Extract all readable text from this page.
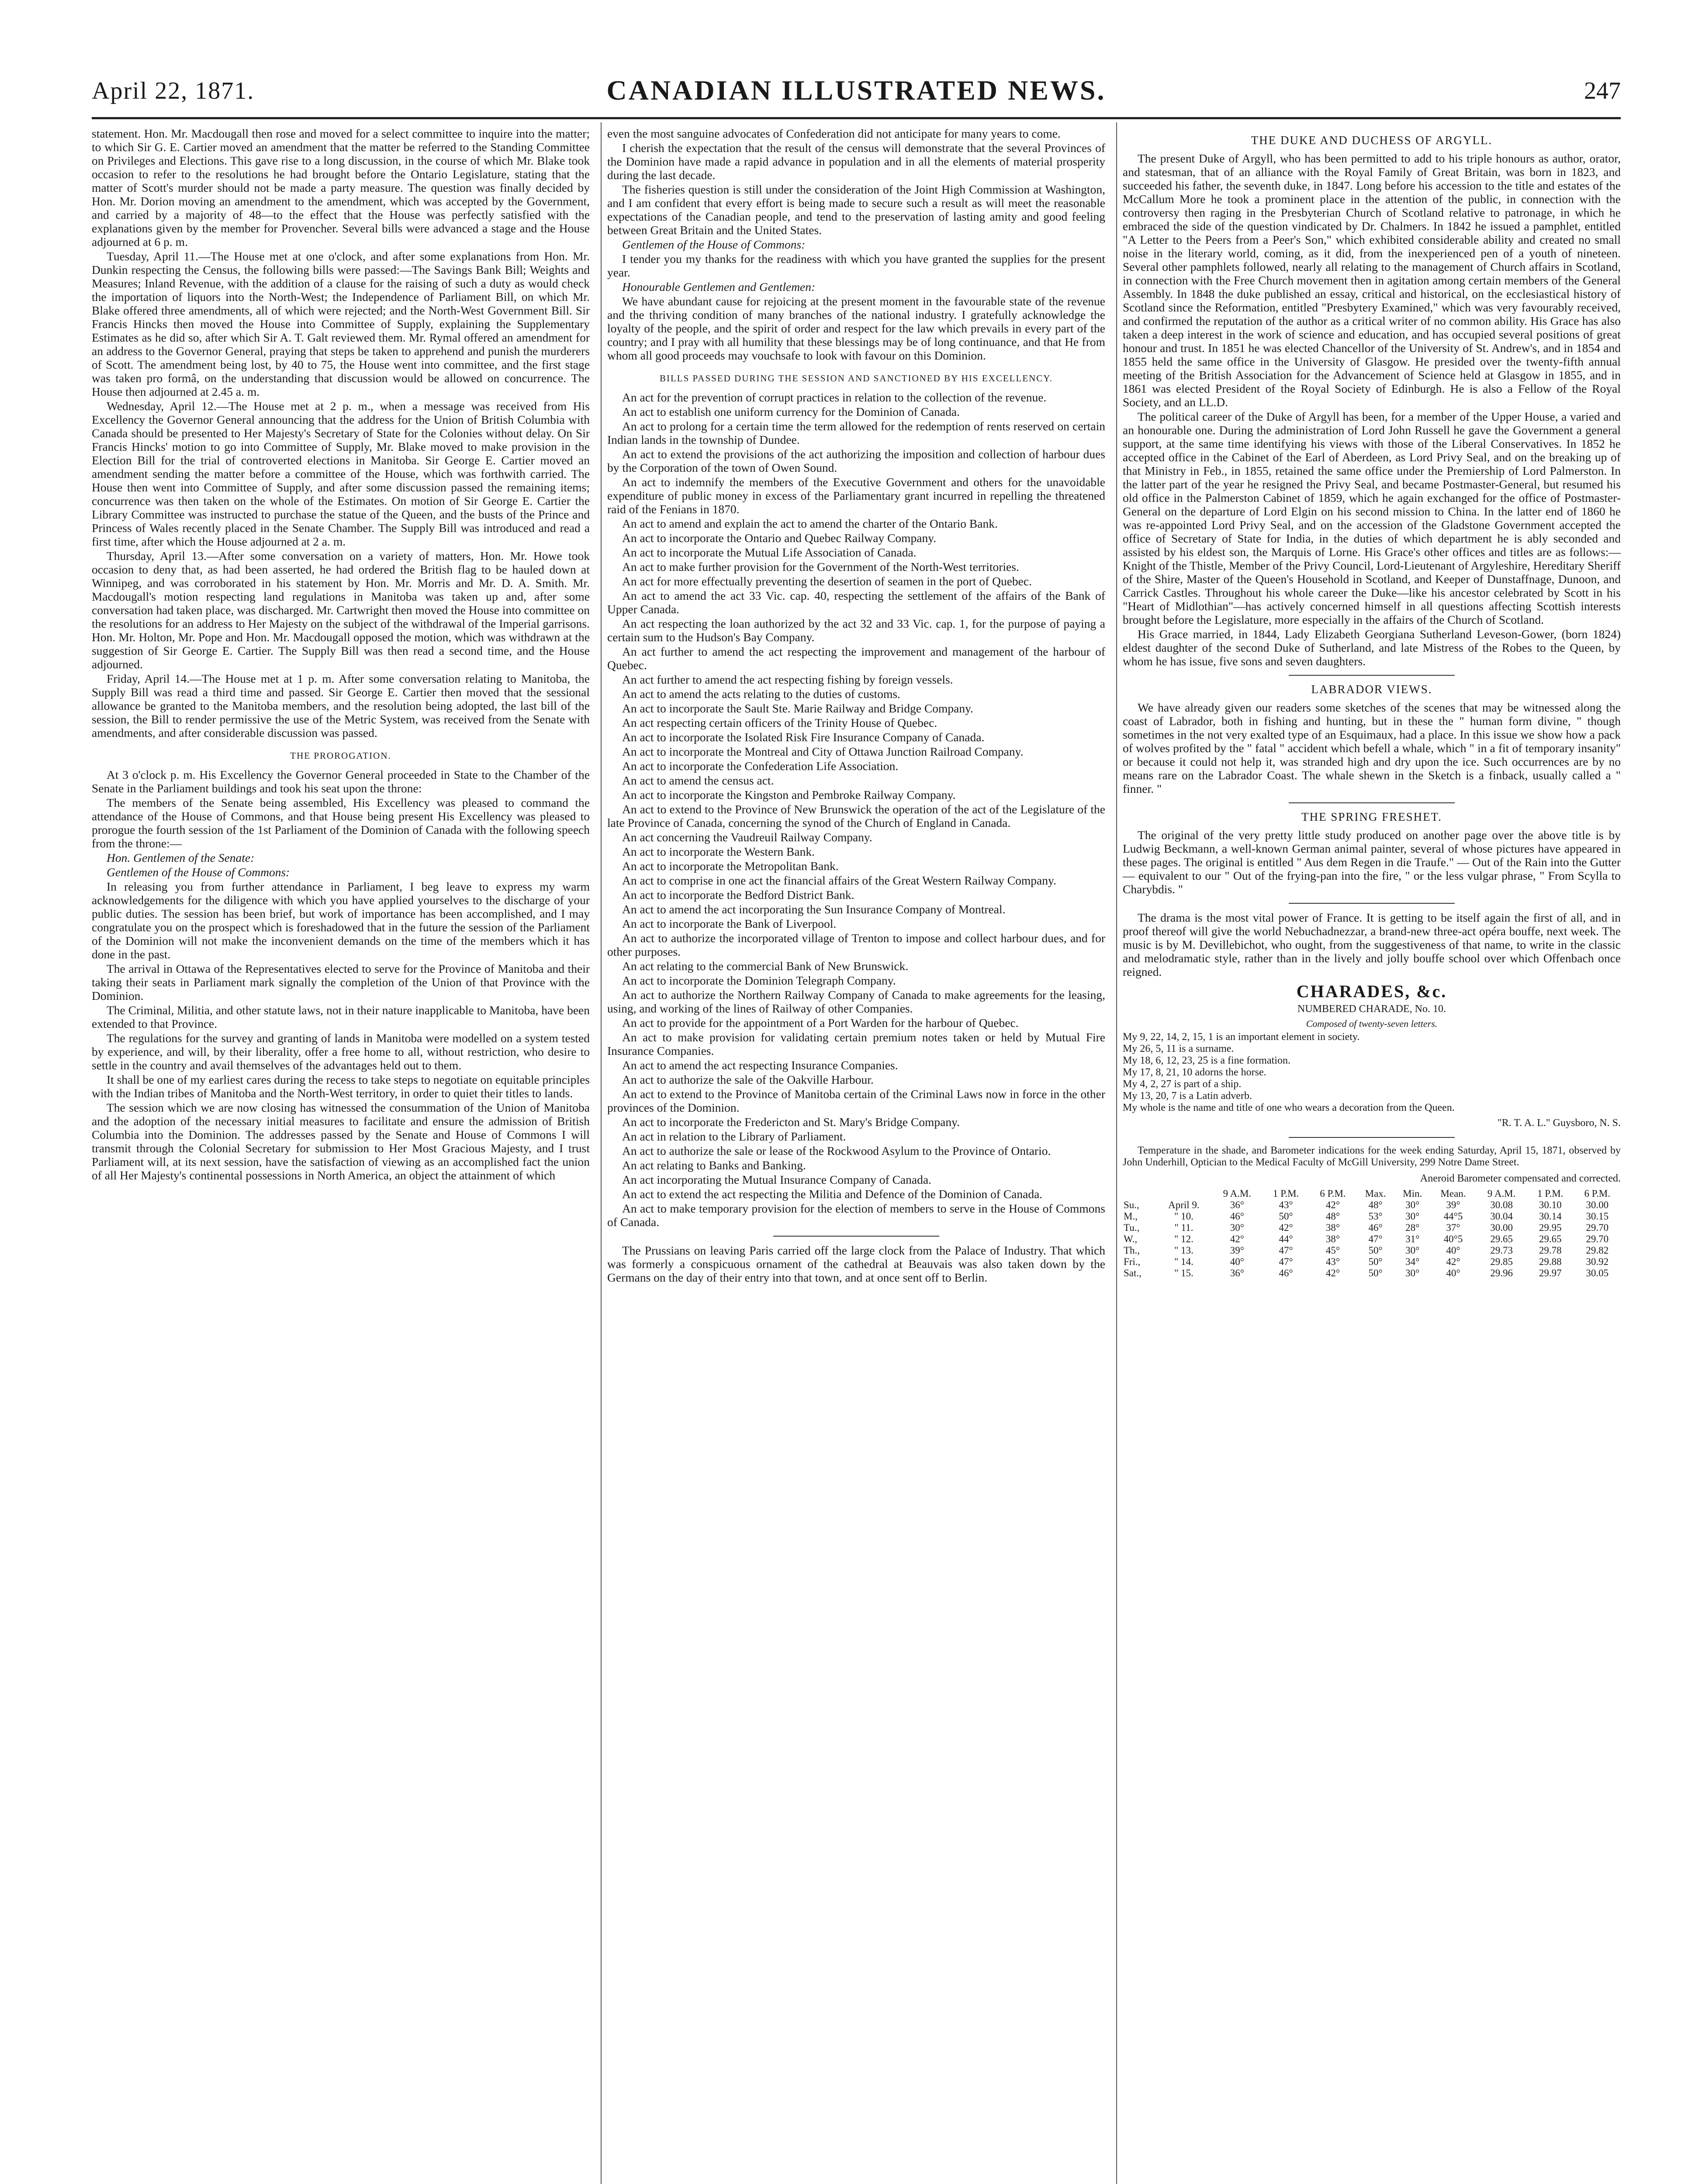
April 22, 1871.	CANADIAN ILLUSTRATED NEWS.	247

statement. Hon. Mr. Macdougall then rose and moved for a select committee to inquire into the matter; to which Sir G. E. Cartier moved an amendment that the matter be referred to the Standing Committee on Privileges and Elections. This gave rise to a long discussion, in the course of which Mr. Blake took occasion to refer to the resolutions he had brought before the Ontario Legislature, stating that the matter of Scott's murder should not be made a party measure. The question was finally decided by Hon. Mr. Dorion moving an amendment to the amendment, which was accepted by the Government, and carried by a majority of 48—to the effect that the House was perfectly satisfied with the explanations given by the member for Provencher. Several bills were advanced a stage and the House adjourned at 6 p. m.

Tuesday, April 11.—The House met at one o'clock, and after some explanations from Hon. Mr. Dunkin respecting the Census, the following bills were passed:—The Savings Bank Bill; Weights and Measures; Inland Revenue, with the addition of a clause for the raising of such a duty as would check the importation of liquors into the North-West; the Independence of Parliament Bill, on which Mr. Blake offered three amendments, all of which were rejected; and the North-West Government Bill. Sir Francis Hincks then moved the House into Committee of Supply, explaining the Supplementary Estimates as he did so, after which Sir A. T. Galt reviewed them. Mr. Rymal offered an amendment for an address to the Governor General, praying that steps be taken to apprehend and punish the murderers of Scott. The amendment being lost, by 40 to 75, the House went into committee, and the first stage was taken pro formâ, on the understanding that discussion would be allowed on concurrence. The House then adjourned at 2.45 a. m.

Wednesday, April 12.—The House met at 2 p. m., when a message was received from His Excellency the Governor General announcing that the address for the Union of British Columbia with Canada should be presented to Her Majesty's Secretary of State for the Colonies without delay. On Sir Francis Hincks' motion to go into Committee of Supply, Mr. Blake moved to make provision in the Election Bill for the trial of controverted elections in Manitoba. Sir George E. Cartier moved an amendment sending the matter before a committee of the House, which was forthwith carried. The House then went into Committee of Supply, and after some discussion passed the remaining items; concurrence was then taken on the whole of the Estimates. On motion of Sir George E. Cartier the Library Committee was instructed to purchase the statue of the Queen, and the busts of the Prince and Princess of Wales recently placed in the Senate Chamber. The Supply Bill was introduced and read a first time, after which the House adjourned at 2 a. m.

Thursday, April 13.—After some conversation on a variety of matters, Hon. Mr. Howe took occasion to deny that, as had been asserted, he had ordered the British flag to be hauled down at Winnipeg, and was corroborated in his statement by Hon. Mr. Morris and Mr. D. A. Smith. Mr. Macdougall's motion respecting land regulations in Manitoba was taken up and, after some conversation had taken place, was discharged. Mr. Cartwright then moved the House into committee on the resolutions for an address to Her Majesty on the subject of the withdrawal of the Imperial garrisons. Hon. Mr. Holton, Mr. Pope and Hon. Mr. Macdougall opposed the motion, which was withdrawn at the suggestion of Sir George E. Cartier. The Supply Bill was then read a second time, and the House adjourned.

Friday, April 14.—The House met at 1 p. m. After some conversation relating to Manitoba, the Supply Bill was read a third time and passed. Sir George E. Cartier then moved that the sessional allowance be granted to the Manitoba members, and the resolution being adopted, the last bill of the session, the Bill to render permissive the use of the Metric System, was received from the Senate with amendments, and after considerable discussion was passed.

THE PROROGATION.

At 3 o'clock p. m. His Excellency the Governor General proceeded in State to the Chamber of the Senate in the Parliament buildings and took his seat upon the throne:

The members of the Senate being assembled, His Excellency was pleased to command the attendance of the House of Commons, and that House being present His Excellency was pleased to prorogue the fourth session of the 1st Parliament of the Dominion of Canada with the following speech from the throne:—

Hon. Gentlemen of the Senate:

Gentlemen of the House of Commons:

In releasing you from further attendance in Parliament, I beg leave to express my warm acknowledgements for the diligence with which you have applied yourselves to the discharge of your public duties. The session has been brief, but work of importance has been accomplished, and I may congratulate you on the prospect which is foreshadowed that in the future the session of the Parliament of the Dominion will not make the inconvenient demands on the time of the members which it has done in the past.

The arrival in Ottawa of the Representatives elected to serve for the Province of Manitoba and their taking their seats in Parliament mark signally the completion of the Union of that Province with the Dominion.

The Criminal, Militia, and other statute laws, not in their nature inapplicable to Manitoba, have been extended to that Province.

The regulations for the survey and granting of lands in Manitoba were modelled on a system tested by experience, and will, by their liberality, offer a free home to all, without restriction, who desire to settle in the country and avail themselves of the advantages held out to them.

It shall be one of my earliest cares during the recess to take steps to negotiate on equitable principles with the Indian tribes of Manitoba and the North-West territory, in order to quiet their titles to lands.

The session which we are now closing has witnessed the consummation of the Union of Manitoba and the adoption of the necessary initial measures to facilitate and ensure the admission of British Columbia into the Dominion. The addresses passed by the Senate and House of Commons I will transmit through the Colonial Secretary for submission to Her Most Gracious Majesty, and I trust Parliament will, at its next session, have the satisfaction of viewing as an accomplished fact the union of all Her Majesty's continental possessions in North America, an object the attainment of which

even the most sanguine advocates of Confederation did not anticipate for many years to come.

I cherish the expectation that the result of the census will demonstrate that the several Provinces of the Dominion have made a rapid advance in population and in all the elements of material prosperity during the last decade.

The fisheries question is still under the consideration of the Joint High Commission at Washington, and I am confident that every effort is being made to secure such a result as will meet the reasonable expectations of the Canadian people, and tend to the preservation of lasting amity and good feeling between Great Britain and the United States.

Gentlemen of the House of Commons:

I tender you my thanks for the readiness with which you have granted the supplies for the present year.

Honourable Gentlemen and Gentlemen:

We have abundant cause for rejoicing at the present moment in the favourable state of the revenue and the thriving condition of many branches of the national industry. I gratefully acknowledge the loyalty of the people, and the spirit of order and respect for the law which prevails in every part of the country; and I pray with all humility that these blessings may be of long continuance, and that He from whom all good proceeds may vouchsafe to look with favour on this Dominion.

BILLS PASSED DURING THE SESSION AND SANCTIONED BY HIS EXCELLENCY.

An act for the prevention of corrupt practices in relation to the collection of the revenue.

An act to establish one uniform currency for the Dominion of Canada.

An act to prolong for a certain time the term allowed for the redemption of rents reserved on certain Indian lands in the township of Dundee.

An act to extend the provisions of the act authorizing the imposition and collection of harbour dues by the Corporation of the town of Owen Sound.

An act to indemnify the members of the Executive Government and others for the unavoidable expenditure of public money in excess of the Parliamentary grant incurred in repelling the threatened raid of the Fenians in 1870.

An act to amend and explain the act to amend the charter of the Ontario Bank.

An act to incorporate the Ontario and Quebec Railway Company.

An act to incorporate the Mutual Life Association of Canada.

An act to make further provision for the Government of the North-West territories.

An act for more effectually preventing the desertion of seamen in the port of Quebec.

An act to amend the act 33 Vic. cap. 40, respecting the settlement of the affairs of the Bank of Upper Canada.

An act respecting the loan authorized by the act 32 and 33 Vic. cap. 1, for the purpose of paying a certain sum to the Hudson's Bay Company.

An act further to amend the act respecting the improvement and management of the harbour of Quebec.

An act further to amend the act respecting fishing by foreign vessels.

An act to amend the acts relating to the duties of customs.

An act to incorporate the Sault Ste. Marie Railway and Bridge Company.

An act respecting certain officers of the Trinity House of Quebec.

An act to incorporate the Isolated Risk Fire Insurance Company of Canada.

An act to incorporate the Montreal and City of Ottawa Junction Railroad Company.

An act to incorporate the Confederation Life Association.

An act to amend the census act.

An act to incorporate the Kingston and Pembroke Railway Company.

An act to extend to the Province of New Brunswick the operation of the act of the Legislature of the late Province of Canada, concerning the synod of the Church of England in Canada.

An act concerning the Vaudreuil Railway Company.

An act to incorporate the Western Bank.

An act to incorporate the Metropolitan Bank.

An act to comprise in one act the financial affairs of the Great Western Railway Company.

An act to incorporate the Bedford District Bank.

An act to amend the act incorporating the Sun Insurance Company of Montreal.

An act to incorporate the Bank of Liverpool.

An act to authorize the incorporated village of Trenton to impose and collect harbour dues, and for other purposes.

An act relating to the commercial Bank of New Brunswick.

An act to incorporate the Dominion Telegraph Company.

An act to authorize the Northern Railway Company of Canada to make agreements for the leasing, using, and working of the lines of Railway of other Companies.

An act to provide for the appointment of a Port Warden for the harbour of Quebec.

An act to make provision for validating certain premium notes taken or held by Mutual Fire Insurance Companies.

An act to amend the act respecting Insurance Companies.

An act to authorize the sale of the Oakville Harbour.

An act to extend to the Province of Manitoba certain of the Criminal Laws now in force in the other provinces of the Dominion.

An act to incorporate the Fredericton and St. Mary's Bridge Company.

An act in relation to the Library of Parliament.

An act to authorize the sale or lease of the Rockwood Asylum to the Province of Ontario.

An act relating to Banks and Banking.

An act incorporating the Mutual Insurance Company of Canada.

An act to extend the act respecting the Militia and Defence of the Dominion of Canada.

An act to make temporary provision for the election of members to serve in the House of Commons of Canada.

The Prussians on leaving Paris carried off the large clock from the Palace of Industry. That which was formerly a conspicuous ornament of the cathedral at Beauvais was also taken down by the Germans on the day of their entry into that town, and at once sent off to Berlin.

THE DUKE AND DUCHESS OF ARGYLL.

The present Duke of Argyll, who has been permitted to add to his triple honours as author, orator, and statesman, that of an alliance with the Royal Family of Great Britain, was born in 1823, and succeeded his father, the seventh duke, in 1847. Long before his accession to the title and estates of the McCallum More he took a prominent place in the attention of the public, in connection with the controversy then raging in the Presbyterian Church of Scotland relative to patronage, in which he embraced the side of the question vindicated by Dr. Chalmers. In 1842 he issued a pamphlet, entitled "A Letter to the Peers from a Peer's Son," which exhibited considerable ability and created no small noise in the literary world, coming, as it did, from the inexperienced pen of a youth of nineteen. Several other pamphlets followed, nearly all relating to the management of Church affairs in Scotland, in connection with the Free Church movement then in agitation among certain members of the General Assembly. In 1848 the duke published an essay, critical and historical, on the ecclesiastical history of Scotland since the Reformation, entitled "Presbytery Examined," which was very favourably received, and confirmed the reputation of the author as a critical writer of no common ability. His Grace has also taken a deep interest in the work of science and education, and has occupied several positions of great honour and trust. In 1851 he was elected Chancellor of the University of St. Andrew's, and in 1854 and 1855 held the same office in the University of Glasgow. He presided over the twenty-fifth annual meeting of the British Association for the Advancement of Science held at Glasgow in 1855, and in 1861 was elected President of the Royal Society of Edinburgh. He is also a Fellow of the Royal Society, and an LL.D.

The political career of the Duke of Argyll has been, for a member of the Upper House, a varied and an honourable one. During the administration of Lord John Russell he gave the Government a general support, at the same time identifying his views with those of the Liberal Conservatives. In 1852 he accepted office in the Cabinet of the Earl of Aberdeen, as Lord Privy Seal, and on the breaking up of that Ministry in Feb., in 1855, retained the same office under the Premiership of Lord Palmerston. In the latter part of the year he resigned the Privy Seal, and became Postmaster-General, but resumed his old office in the Palmerston Cabinet of 1859, which he again exchanged for the office of Postmaster-General on the departure of Lord Elgin on his second mission to China. In the latter end of 1860 he was re-appointed Lord Privy Seal, and on the accession of the Gladstone Government accepted the office of Secretary of State for India, in the duties of which department he is ably seconded and assisted by his eldest son, the Marquis of Lorne. His Grace's other offices and titles are as follows:—Knight of the Thistle, Member of the Privy Council, Lord-Lieutenant of Argyleshire, Hereditary Sheriff of the Shire, Master of the Queen's Household in Scotland, and Keeper of Dunstaffnage, Dunoon, and Carrick Castles. Throughout his whole career the Duke—like his ancestor celebrated by Scott in his "Heart of Midlothian"—has actively concerned himself in all questions affecting Scottish interests brought before the Legislature, more especially in the affairs of the Church of Scotland.

His Grace married, in 1844, Lady Elizabeth Georgiana Sutherland Leveson-Gower, (born 1824) eldest daughter of the second Duke of Sutherland, and late Mistress of the Robes to the Queen, by whom he has issue, five sons and seven daughters.

LABRADOR VIEWS.

We have already given our readers some sketches of the scenes that may be witnessed along the coast of Labrador, both in fishing and hunting, but in these the " human form divine, " though sometimes in the not very exalted type of an Esquimaux, had a place. In this issue we show how a pack of wolves profited by the " fatal " accident which befell a whale, which " in a fit of temporary insanity" or because it could not help it, was stranded high and dry upon the ice. Such occurrences are by no means rare on the Labrador Coast. The whale shewn in the Sketch is a finback, usually called a " finner. "

THE SPRING FRESHET.

The original of the very pretty little study produced on another page over the above title is by Ludwig Beckmann, a well-known German animal painter, several of whose pictures have appeared in these pages. The original is entitled " Aus dem Regen in die Traufe." — Out of the Rain into the Gutter — equivalent to our " Out of the frying-pan into the fire, " or the less vulgar phrase, " From Scylla to Charybdis. "

The drama is the most vital power of France. It is getting to be itself again the first of all, and in proof thereof will give the world Nebuchadnezzar, a brand-new three-act opéra bouffe, next week. The music is by M. Devillebichot, who ought, from the suggestiveness of that name, to write in the classic and melodramatic style, rather than in the lively and jolly bouffe school over which Offenbach once reigned.

CHARADES, &c.

NUMBERED CHARADE, No. 10.

Composed of twenty-seven letters.

My 9, 22, 14, 2, 15, 1 is an important element in society.

My 26, 5, 11 is a surname.

My 18, 6, 12, 23, 25 is a fine formation.

My 17, 8, 21, 10 adorns the horse.

My 4, 2, 27 is part of a ship.

My 13, 20, 7 is a Latin adverb.

My whole is the name and title of one who wears a decoration from the Queen.

"R. T. A. L." Guysboro, N. S.

Temperature in the shade, and Barometer indications for the week ending Saturday, April 15, 1871, observed by John Underhill, Optician to the Medical Faculty of McGill University, 299 Notre Dame Street.

Aneroid Barometer compensated and corrected.
		9 A.M.	1 P.M.	6 P.M.	Max.	Min.	Mean.	9 A.M.	1 P.M.	6 P.M.
Su.,	April 9.	36°	43°	42°	48°	30°	39°	30.08	30.10	30.00
M.,	" 10.	46°	50°	48°	53°	30°	44°5	30.04	30.14	30.15
Tu.,	" 11.	30°	42°	38°	46°	28°	37°	30.00	29.95	29.70
W.,	" 12.	42°	44°	38°	47°	31°	40°5	29.65	29.65	29.70
Th.,	" 13.	39°	47°	45°	50°	30°	40°	29.73	29.78	29.82
Fri.,	" 14.	40°	47°	43°	50°	34°	42°	29.85	29.88	30.92
Sat.,	" 15.	36°	46°	42°	50°	30°	40°	29.96	29.97	30.05
